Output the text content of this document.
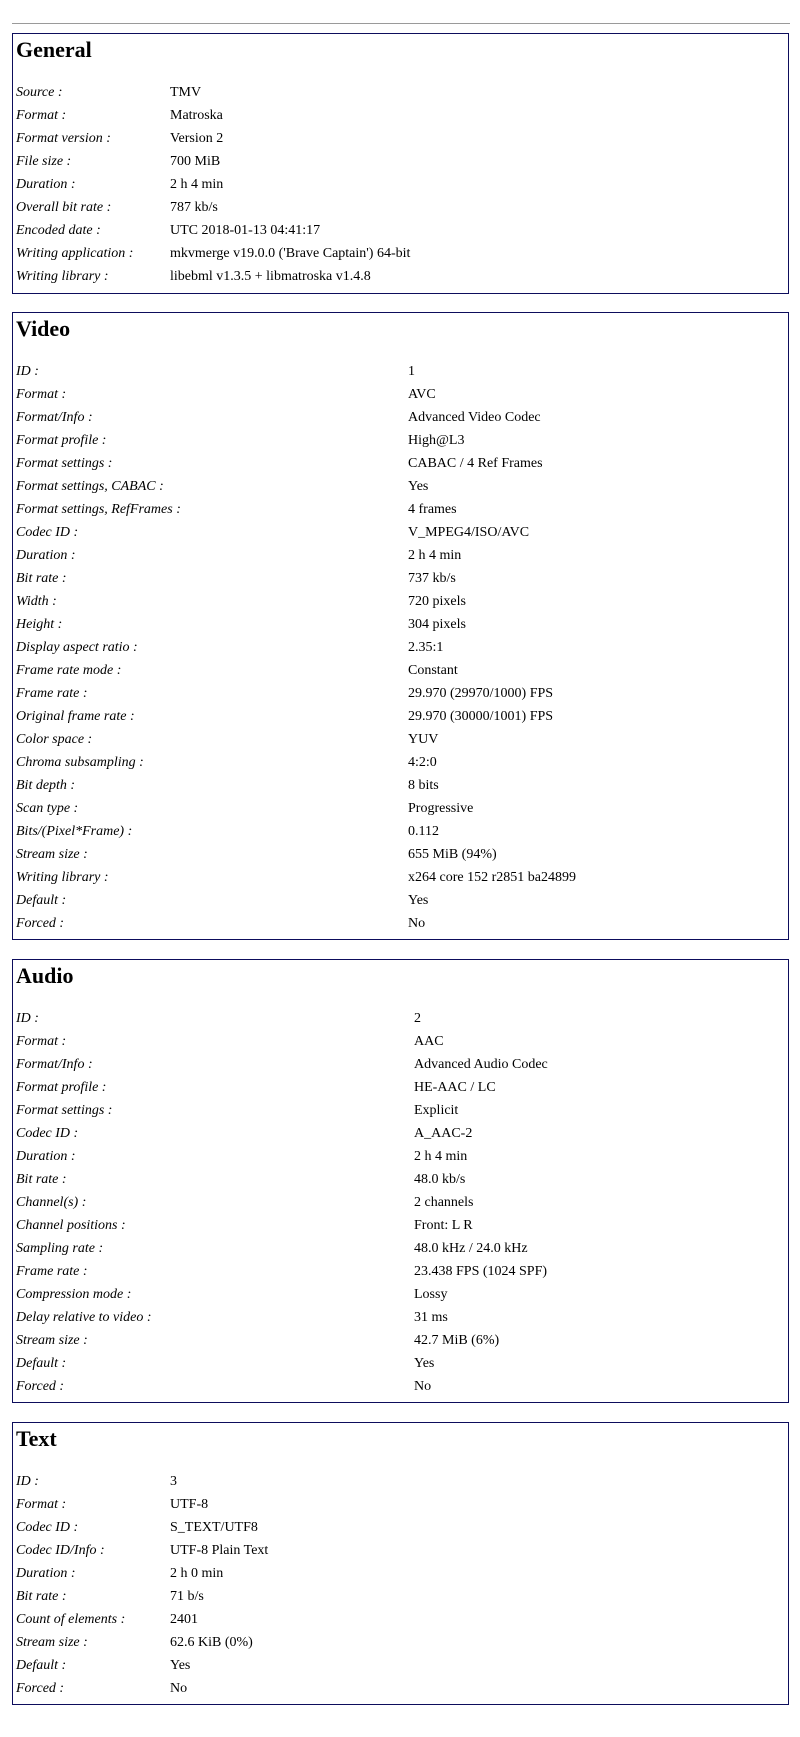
General
Source :	TMV
Format :	Matroska
Format version :	Version 2
File size :	700 MiB
Duration :	2 h 4 min
Overall bit rate :	787 kb/s
Encoded date :	UTC 2018-01-13 04:41:17
Writing application :	mkvmerge v19.0.0 ('Brave Captain') 64-bit
Writing library :	libebml v1.3.5 + libmatroska v1.4.8
Video
ID :	1
Format :	AVC
Format/Info :	Advanced Video Codec
Format profile :	High@L3
Format settings :	CABAC / 4 Ref Frames
Format settings, CABAC :	Yes
Format settings, RefFrames :	4 frames
Codec ID :	V_MPEG4/ISO/AVC
Duration :	2 h 4 min
Bit rate :	737 kb/s
Width :	720 pixels
Height :	304 pixels
Display aspect ratio :	2.35:1
Frame rate mode :	Constant
Frame rate :	29.970 (29970/1000) FPS
Original frame rate :	29.970 (30000/1001) FPS
Color space :	YUV
Chroma subsampling :	4:2:0
Bit depth :	8 bits
Scan type :	Progressive
Bits/(Pixel*Frame) :	0.112
Stream size :	655 MiB (94%)
Writing library :	x264 core 152 r2851 ba24899
Default :	Yes
Forced :	No
Audio
ID :	2
Format :	AAC
Format/Info :	Advanced Audio Codec
Format profile :	HE-AAC / LC
Format settings :	Explicit
Codec ID :	A_AAC-2
Duration :	2 h 4 min
Bit rate :	48.0 kb/s
Channel(s) :	2 channels
Channel positions :	Front: L R
Sampling rate :	48.0 kHz / 24.0 kHz
Frame rate :	23.438 FPS (1024 SPF)
Compression mode :	Lossy
Delay relative to video :	31 ms
Stream size :	42.7 MiB (6%)
Default :	Yes
Forced :	No
Text
ID :	3
Format :	UTF-8
Codec ID :	S_TEXT/UTF8
Codec ID/Info :	UTF-8 Plain Text
Duration :	2 h 0 min
Bit rate :	71 b/s
Count of elements :	2401
Stream size :	62.6 KiB (0%)
Default :	Yes
Forced :	No
